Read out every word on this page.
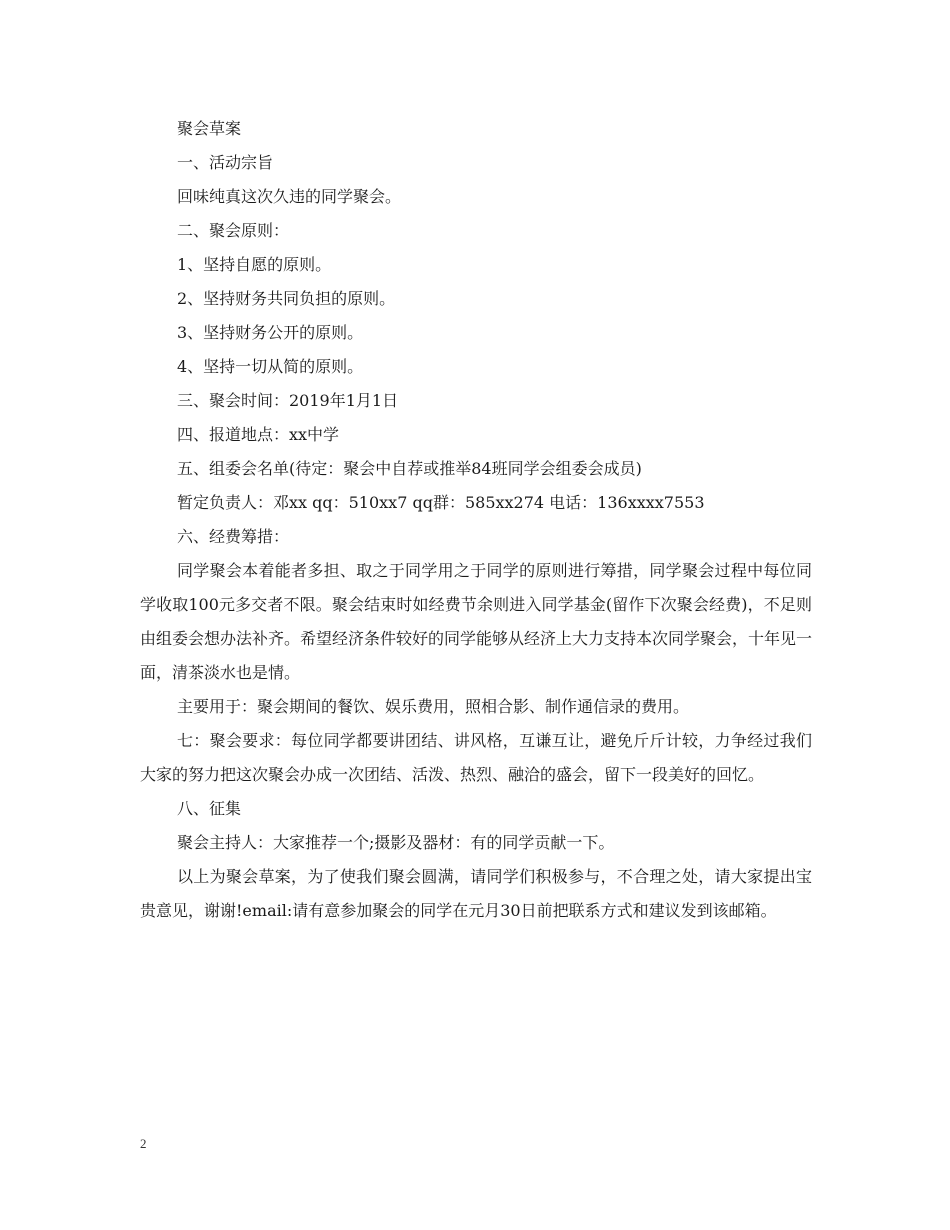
聚会草案
一、活动宗旨
回味纯真这次久违的同学聚会。
二、聚会原则：
1、坚持自愿的原则。
2、坚持财务共同负担的原则。
3、坚持财务公开的原则。
4、坚持一切从简的原则。
三、聚会时间：2019年1月1日
四、报道地点：xx中学
五、组委会名单(待定：聚会中自荐或推举84班同学会组委会成员)
暂定负责人：邓xx qq：510xx7 qq群：585xx274 电话：136xxxx7553
六、经费筹措：

同学聚会本着能者多担、取之于同学用之于同学的原则进行筹措，同学聚会过程中每位同学收取100元多交者不限。聚会结束时如经费节余则进入同学基金(留作下次聚会经费)，不足则由组委会想办法补齐。希望经济条件较好的同学能够从经济上大力支持本次同学聚会，十年见一面，清茶淡水也是情。

主要用于：聚会期间的餐饮、娱乐费用，照相合影、制作通信录的费用。

七：聚会要求：每位同学都要讲团结、讲风格，互谦互让，避免斤斤计较，力争经过我们大家的努力把这次聚会办成一次团结、活泼、热烈、融洽的盛会，留下一段美好的回忆。

八、征集
聚会主持人：大家推荐一个;摄影及器材：有的同学贡献一下。

以上为聚会草案，为了使我们聚会圆满，请同学们积极参与，不合理之处，请大家提出宝贵意见，谢谢!email:请有意参加聚会的同学在元月30日前把联系方式和建议发到该邮箱。

2
